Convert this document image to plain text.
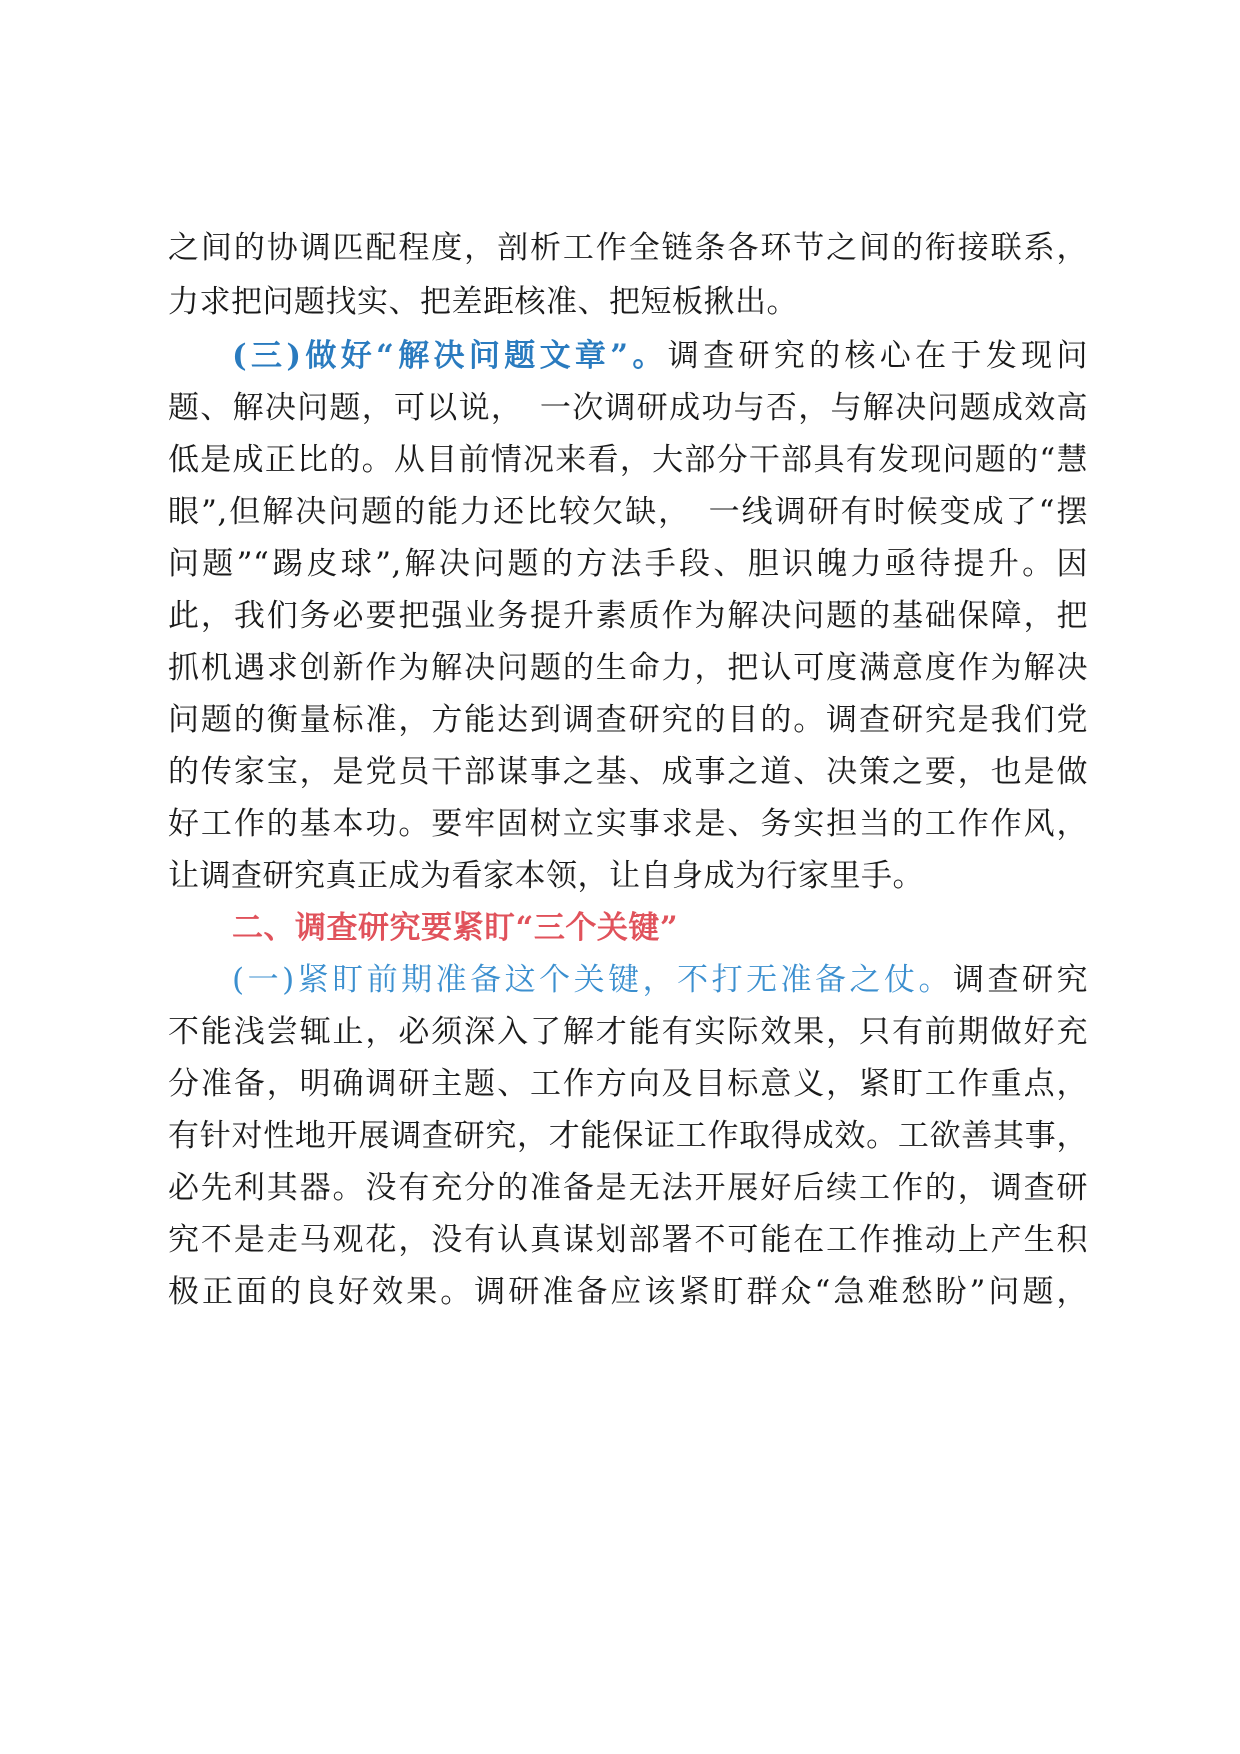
之间的协调匹配程度，剖析工作全链条各环节之间的衔接联系，
力求把问题找实、把差距核准、把短板揪出。
(三)做好“解决问题文章”。调查研究的核心在于发现问
题、解决问题，可以说，　一次调研成功与否，与解决问题成效高
低是成正比的。从目前情况来看，大部分干部具有发现问题的“慧
眼”,但解决问题的能力还比较欠缺，　一线调研有时候变成了“摆
问题”“踢皮球”,解决问题的方法手段、胆识魄力亟待提升。因
此，我们务必要把强业务提升素质作为解决问题的基础保障，把
抓机遇求创新作为解决问题的生命力，把认可度满意度作为解决
问题的衡量标准，方能达到调查研究的目的。调查研究是我们党
的传家宝，是党员干部谋事之基、成事之道、决策之要，也是做
好工作的基本功。要牢固树立实事求是、务实担当的工作作风，
让调查研究真正成为看家本领，让自身成为行家里手。
二、调查研究要紧盯“三个关键”
(一)紧盯前期准备这个关键，不打无准备之仗。调查研究
不能浅尝辄止，必须深入了解才能有实际效果，只有前期做好充
分准备，明确调研主题、工作方向及目标意义，紧盯工作重点，
有针对性地开展调查研究，才能保证工作取得成效。工欲善其事，
必先利其器。没有充分的准备是无法开展好后续工作的，调查研
究不是走马观花，没有认真谋划部署不可能在工作推动上产生积
极正面的良好效果。调研准备应该紧盯群众“急难愁盼”问题，
